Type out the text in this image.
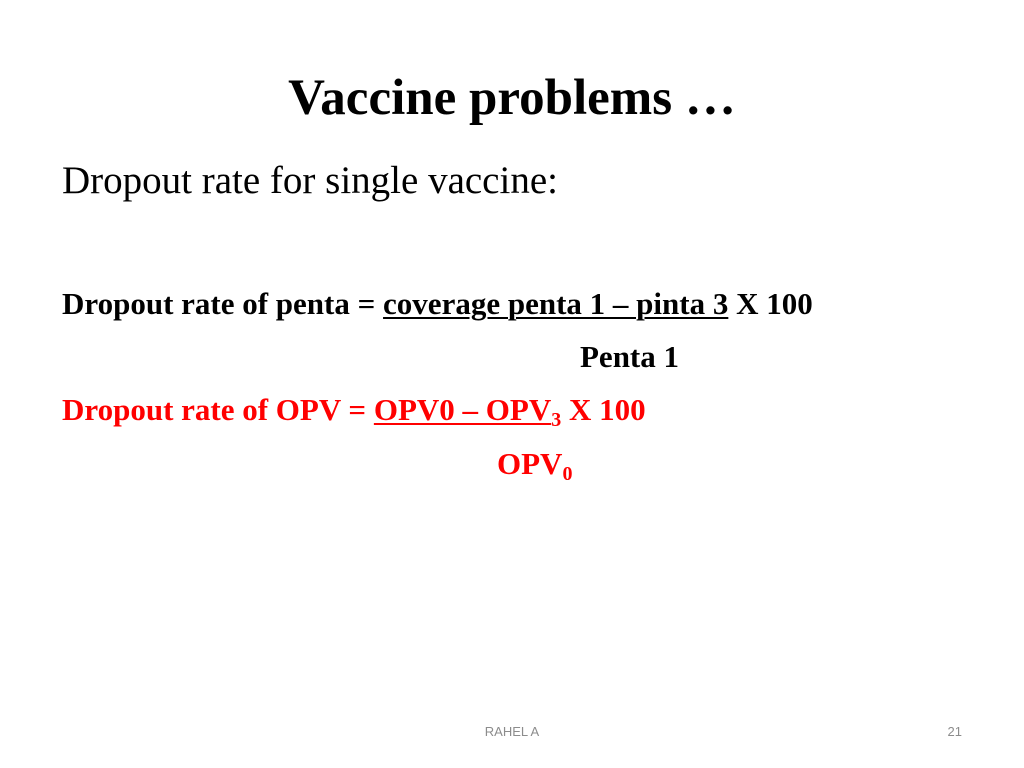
Vaccine problems …
Dropout rate for single vaccine:
Dropout rate of penta = coverage penta 1 – pinta 3 X 100
Penta 1
Dropout rate of OPV = $OPV0 - OPV_3$ X 100
$OPV_0$
RAHEL A	21
